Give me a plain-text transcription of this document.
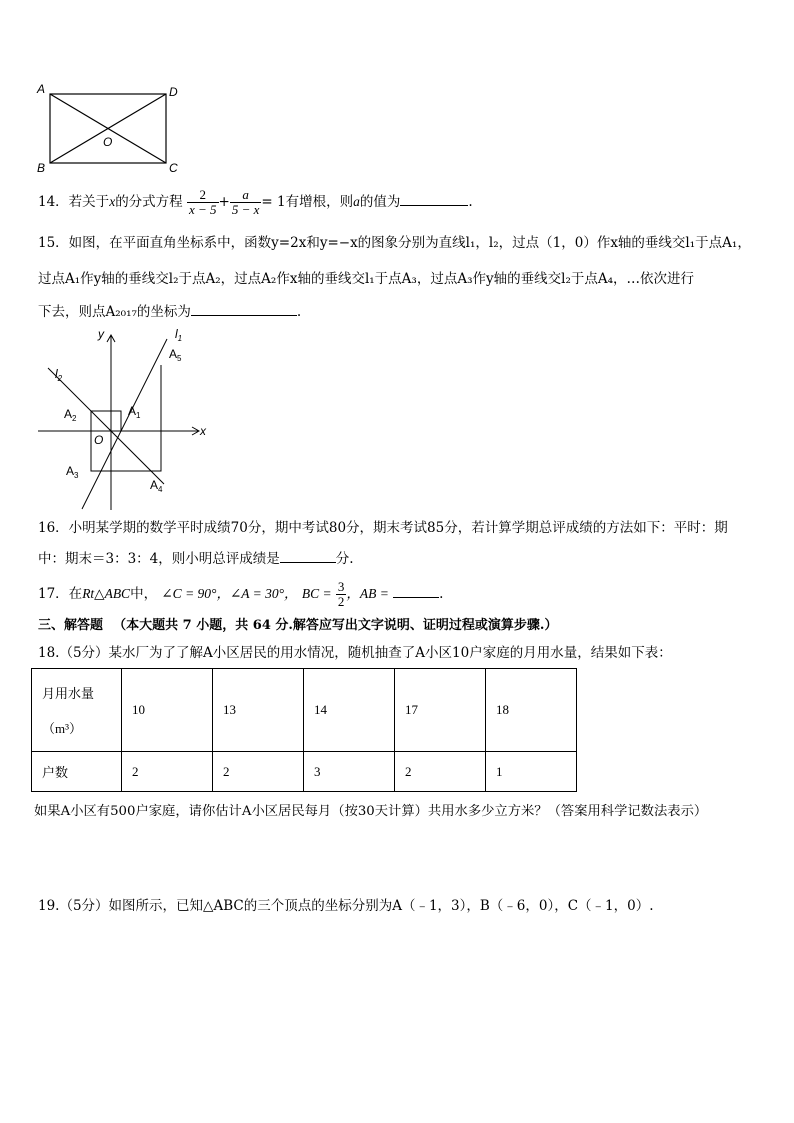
A	D
B	C
O
14．若关于x的分式方程 $\frac{2}{x - 5} + \frac{a}{5 - x} = 1$有增根，则a的值为	.
15．如图，在平面直角坐标系中，函数y=2x和y=−x的图象分别为直线l₁，l₂，过点（1，0）作x轴的垂线交l₁于点A₁，
过点A₁作y轴的垂线交l₂于点A₂，过点A₂作x轴的垂线交l₁于点A₃，过点A₃作y轴的垂线交l₂于点A₄，…依次进行
下去，则点A₂₀₁₇的坐标为	.
y
x
O
$l_1$
$l_2$
$A_5$
$A_1$
$A_2$
$A_3$
$A_4$
16．小明某学期的数学平时成绩70分，期中考试80分，期末考试85分，若计算学期总评成绩的方法如下：平时：期
中：期末＝3：3：4，则小明总评成绩是	分.
17．在Rt△ABC中， ∠C = 90°，∠A = 30°， BC = $\frac{3}{2}$ ，AB =	.
三、解答题 （本大题共 7 小题，共 64 分.解答应写出文字说明、证明过程或演算步骤.）
18.（5分）某水厂为了了解A小区居民的用水情况，随机抽查了A小区10户家庭的月用水量，结果如下表：
月用水量
（m³）	10	13	14	17	18
户数	2	2	3	2	1
如果A小区有500户家庭，请你估计A小区居民每月（按30天计算）共用水多少立方米？（答案用科学记数法表示）
19.（5分）如图所示，已知△ABC的三个顶点的坐标分别为A（﹣1，3），B（﹣6，0），C（﹣1，0）.
